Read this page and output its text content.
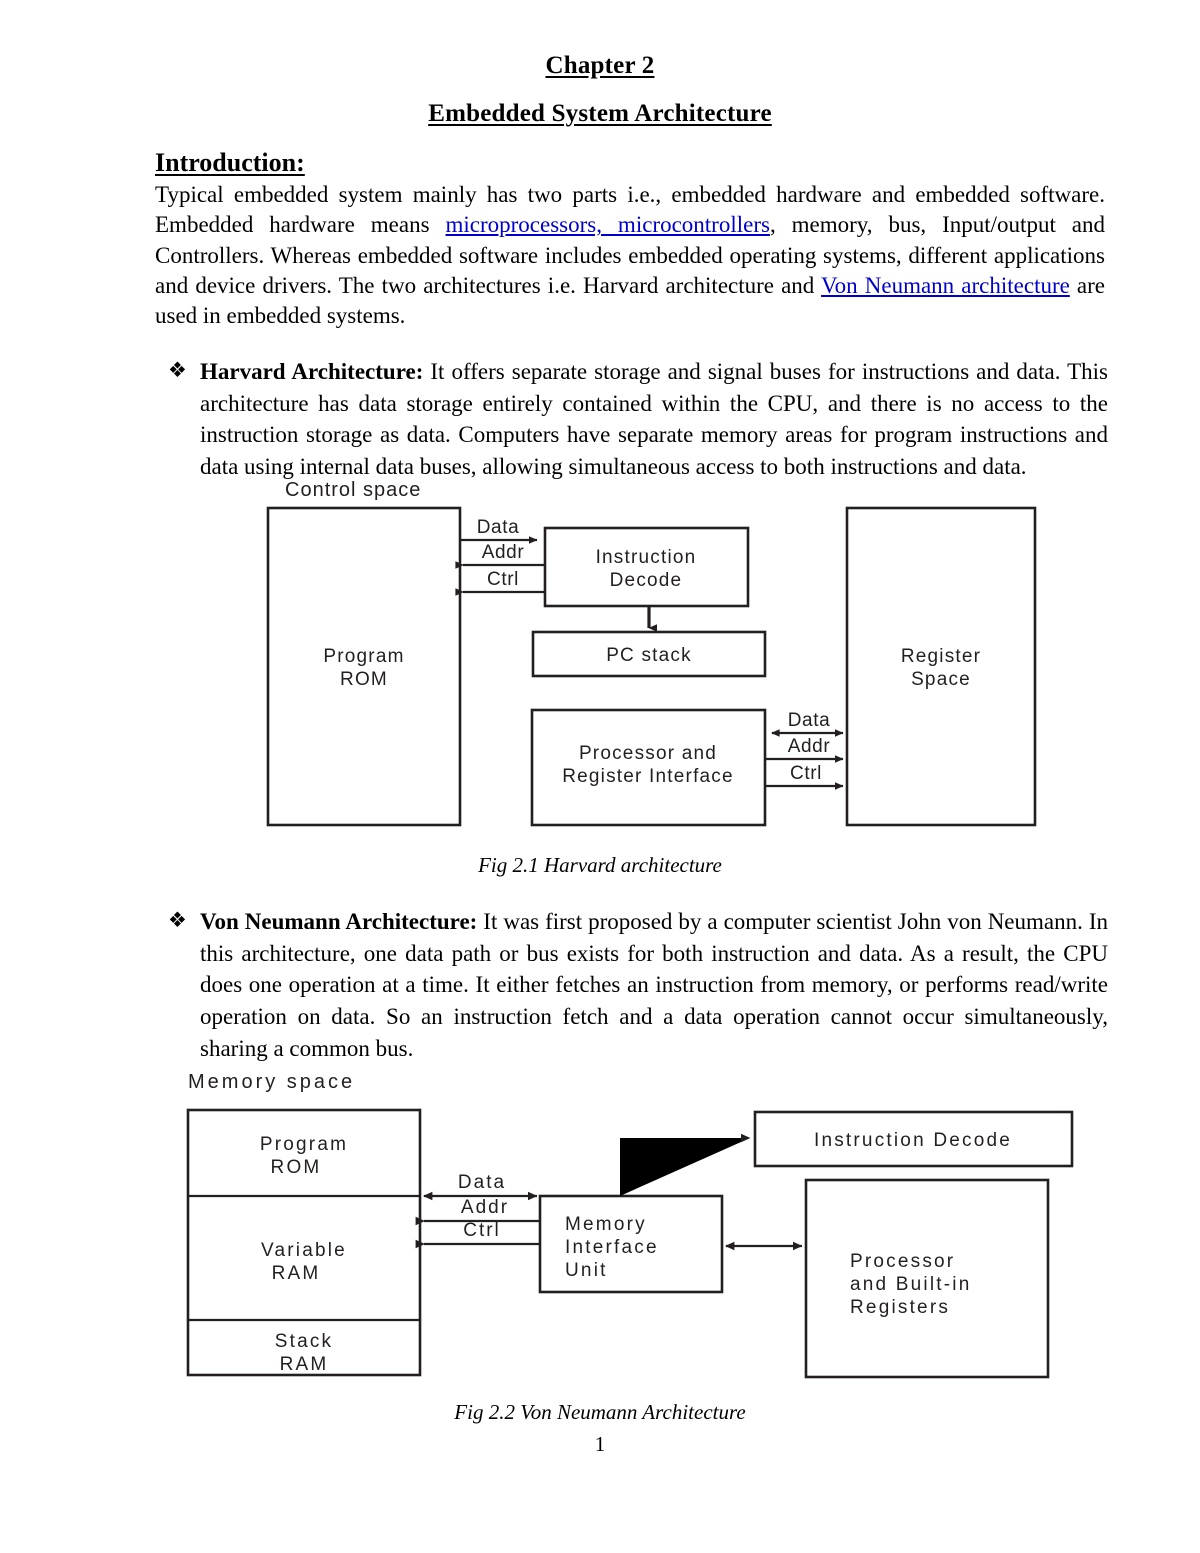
Chapter 2
Embedded System Architecture
Introduction:
Typical embedded system mainly has two parts i.e., embedded hardware and embedded software. Embedded hardware means microprocessors, microcontrollers, memory, bus, Input/output and Controllers. Whereas embedded software includes embedded operating systems, different applications and device drivers. The two architectures i.e. Harvard architecture and Von Neumann architecture are used in embedded systems.
❖ Harvard Architecture: It offers separate storage and signal buses for instructions and data. This architecture has data storage entirely contained within the CPU, and there is no access to the instruction storage as data. Computers have separate memory areas for program instructions and data using internal data buses, allowing simultaneous access to both instructions and data.
Control space
Program
ROM
Instruction
Decode
PC stack
Processor and
Register Interface
Register
Space
Data
Addr
Ctrl
Data
Addr
Ctrl
Fig 2.1 Harvard architecture
❖ Von Neumann Architecture: It was first proposed by a computer scientist John von Neumann. In this architecture, one data path or bus exists for both instruction and data. As a result, the CPU does one operation at a time. It either fetches an instruction from memory, or performs read/write operation on data. So an instruction fetch and a data operation cannot occur simultaneously, sharing a common bus.
Memory space
Program
ROM
Variable
RAM
Stack
RAM
Memory
Interface
Unit
Instruction Decode
Processor
and Built-in
Registers
Data
Addr
Ctrl
Fig 2.2 Von Neumann Architecture
1
